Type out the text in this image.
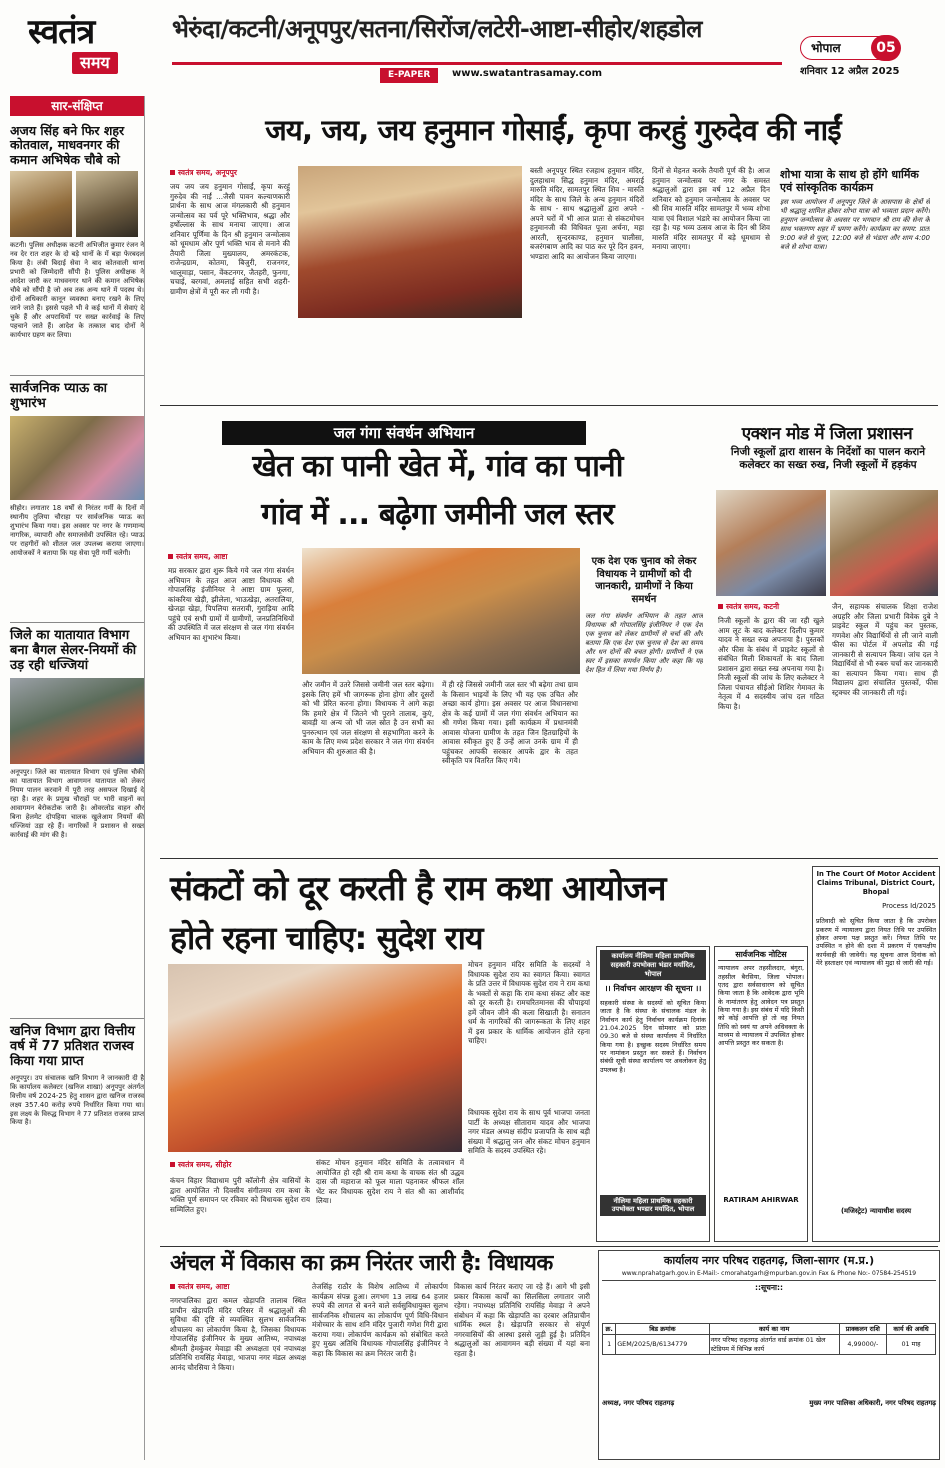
स्वतंत्र
समय
भेरुंदा/कटनी/अनूपपुर/सतना/सिरोंज/लटेरी-आष्टा-सीहोर/शहडोल
E-PAPER	www.swatantrasamay.com
भोपाल	05
शनिवार 12 अप्रैल 2025
सार-संक्षिप्त
अजय सिंह बने फिर शहर कोतवाल, माधवनगर की कमान अभिषेक चौबे को
कटनी। पुलिस अधीक्षक कटनी अभिजीत कुमार रंजन ने नव देर रात शहर के दो बड़े थानों के में बड़ा फेरबदल किया है। लंबी बिदाई सेवा ने बाद कोतवाली थाना प्रभारी को जिम्मेदारी सौंपी है। पुलिस अधीक्षक ने आदेश जारी कर माधवनगर थाने की कमान अभिषेक चौबे को सौंपी है जो अब तक अन्य थाने में पदस्थ थे। दोनों अधिकारी कानून व्यवस्था बनाए रखने के लिए जाने जाते हैं। इससे पहले भी वे कई थानों में सेवाएं दे चुके हैं और अपराधियों पर सख्त कार्रवाई के लिए पहचाने जाते हैं। आदेश के तत्काल बाद दोनों ने कार्यभार ग्रहण कर लिया।
सार्वजनिक प्याऊ का शुभारंभ
सीहोर। लगातार 18 वर्षों से निरंतर गर्मी के दिनों में स्थानीय तुलिया चौराहा पर सार्वजनिक प्याऊ का शुभारंभ किया गया। इस अवसर पर नगर के गणमान्य नागरिक, व्यापारी और समाजसेवी उपस्थित रहे। प्याऊ पर राहगीरों को शीतल जल उपलब्ध कराया जाएगा। आयोजकों ने बताया कि यह सेवा पूरी गर्मी चलेगी।
जिले का यातायात विभाग बना बैगल सेलर-नियमों की उड़ रही धज्जियां
अनूपपुर। जिले का यातायात विभाग एवं पुलिस चौकी का यातायात विभाग आवागमन यातायात को लेकर नियम पालन करवाने में पूरी तरह असफल दिखाई दे रहा है। शहर के प्रमुख चौराहों पर भारी वाहनों का आवागमन बेरोकटोक जारी है। ओवरलोड वाहन और बिना हेलमेट दोपहिया चालक खुलेआम नियमों की धज्जियां उड़ा रहे हैं। नागरिकों ने प्रशासन से सख्त कार्रवाई की मांग की है।
खनिज विभाग द्वारा वित्तीय वर्ष में 77 प्रतिशत राजस्व किया गया प्राप्त
अनूपपुर। उप संचालक खनि विभाग ने जानकारी दी है कि कार्यालय कलेक्टर (खनिज शाखा) अनूपपुर अंतर्गत वित्तीय वर्ष 2024-25 हेतु शासन द्वारा खनिज राजस्व लक्ष्य 357.40 करोड़ रुपये निर्धारित किया गया था। इस लक्ष्य के विरुद्ध विभाग ने 77 प्रतिशत राजस्व प्राप्त किया है।
जय, जय, जय हनुमान गोसाईं, कृपा करहुं गुरुदेव की नाईं
स्वतंत्र समय, अनूपपुर
जय जय जय हनुमान गोसाईं, कृपा करहुं गुरुदेव की नाईं ...जैसी पावन कल्याणकारी प्रार्थना के साथ आज मंगलकारी श्री हनुमान जन्मोत्सव का पर्व पूरे भक्तिभाव, श्रद्धा और हर्षोल्लास के साथ मनाया जाएगा। आज शनिवार पूर्णिमा के दिन श्री हनुमान जन्मोत्सव को धूमधाम और पूर्ण भक्ति भाव से मनाने की तैयारी जिला मुख्यालय, अमरकंटक, राजेन्द्रग्राम, कोतमा, बिजुरी, राजनगर, भालूमाड़ा, पसान, वेंकटनगर, जैतहरी, फुनगा, चचाई, बरगवां, अमलाई सहित सभी शहरी- ग्रामीण क्षेत्रों में पूरी कर ली गयी है।
बस्ती अनूपपुर स्थित रजहाथ हनुमान मंदिर, दुलहाधाम सिद्ध हनुमान मंदिर, अमराई मारुति मंदिर, सामतपुर स्थित शिव - मारुति मंदिर के साथ जिले के अन्य हनुमान मंदिरों के साथ - साथ श्रद्धालुओं द्वारा अपने - अपने घरों में भी आज प्रातः से संकटमोचन हनुमानजी की विधिवत पूजा अर्चना, महा आरती, सुन्दरकाण्ड, हनुमान चालीसा, बजरंगबाण आदि का पाठ कर पूरे दिन हवन, भण्डारा आदि का आयोजन किया जाएगा।
दिनों से मेहनत करके तैयारी पूर्ण की है। आज हनुमान जन्मोत्सव पर नगर के समस्त श्रद्धालुओं द्वारा इस वर्ष 12 अप्रैल दिन शनिवार को हनुमान जन्मोत्सव के अवसर पर श्री शिव मारुति मंदिर सामतपुर में भव्य शोभा यात्रा एवं विशाल भंडारे का आयोजन किया जा रहा है। यह भव्य उत्सव आज के दिन श्री शिव मारुति मंदिर सामतपुर में बड़े धूमधाम से मनाया जाएगा।
शोभा यात्रा के साथ हो होंगे धार्मिक एवं सांस्कृतिक कार्यक्रम
इस भव्य आयोजन में अनूपपुर जिले के आसपास के क्षेत्रों से भी श्रद्धालु शामिल होकर शोभा यात्रा को भव्यता प्रदान करेंगे। हनुमान जन्मोत्सव के अवसर पर भगवान श्री राम की सेना के साथ भक्तगण शहर में भ्रमण करेंगे। कार्यक्रम का समय: प्रातः 9:00 बजे से पूजा, 12:00 बजे से भंडारा और शाम 4:00 बजे से शोभा यात्रा।
जल गंगा संवर्धन अभियान
खेत का पानी खेत में, गांव का पानी
गांव में ... बढ़ेगा जमीनी जल स्तर
स्वतंत्र समय, आष्टा
मप्र सरकार द्वारा शुरू किये गये जल गंगा संवर्धन अभियान के तहत आज आष्टा विधायक श्री गोपालसिंह इंजीनियर ने आष्टा ग्राम फूलरा, कांकरिया खेड़ी, झीलेला, भाऊखेड़ा, अतरालिया, खेजड़ा खेड़ा, पिपलिया सतरावी, गुराड़िया आदि पहुंचे एवं सभी ग्रामों में ग्रामीणों, जनप्रतिनिधियों की उपस्थिति में जल संरक्षण से जल गंगा संवर्धन अभियान का शुभारंभ किया।
और जमीन में उतरे जिससे जमीनी जल स्तर बढ़ेगा। इसके लिए हमें भी जागरूक होना होगा और दूसरों को भी प्रेरित करना होगा। विधायक ने आगे कहा कि हमारे क्षेत्र में जितने भी पुराने तालाब, कुएं, बावड़ी या अन्य जो भी जल स्रोत है उन सभी का पुनरुत्थान एवं जल संरक्षण से सहभागिता करने के काम के लिए मध्य प्रदेश सरकार ने जल गंगा संवर्धन अभियान की शुरुआत की है।
में ही रहे जिससे जमीनी जल स्तर भी बढ़ेगा तथा ग्राम के किसान भाइयों के लिए भी यह एक उचित और अच्छा कार्य होगा। इस अवसर पर आज विधानसभा क्षेत्र के कई ग्रामों में जल गंगा संवर्धन अभियान का श्री गणेश किया गया। इसी कार्यक्रम में प्रधानमंत्री आवास योजना ग्रामीण के तहत जिन हितग्राहियों के आवास स्वीकृत हुए हैं उन्हें आज उनके ग्राम में ही पहुंचकर आपकी सरकार आपके द्वार के तहत स्वीकृति पत्र वितरित किए गये।
एक देश एक चुनाव को लेकर विधायक ने ग्रामीणों को दी जानकारी, ग्रामीणों ने किया समर्थन
जल गंगा संवर्धन अभियान के तहत आज विधायक श्री गोपालसिंह इंजीनियर ने एक देश एक चुनाव को लेकर ग्रामीणों से चर्चा की और बताया कि एक देश एक चुनाव से देश का समय और धन दोनों की बचत होगी। ग्रामीणों ने एक स्वर में इसका समर्थन किया और कहा कि यह देश हित में लिया गया निर्णय है।
एक्शन मोड में जिला प्रशासन
निजी स्कूलों द्वारा शासन के निर्देशों का पालन कराने कलेक्टर का सख्त रुख, निजी स्कूलों में हड़कंप
स्वतंत्र समय, कटनी
निजी स्कूलों के द्वारा की जा रही खुले आम लूट के बाद कलेक्टर दिलीप कुमार यादव ने सख्त रुख अपनाया है। पुस्तकों और फीस के संबंध में प्राइवेट स्कूलों से संबंधित मिली शिकायतों के बाद जिला प्रशासन द्वारा सख्त रुख अपनाया गया है। निजी स्कूलों की जांच के लिए कलेक्टर ने जिला पंचायत सीईओ शिशिर गेमावत के नेतृत्व में 4 सदस्यीय जांच दल गठित किया है।
जैन, सहायक संचालक शिक्षा राजेश अग्रहरि और जिला प्रभारी विवेक दुबे ने प्राइवेट स्कूल में पहुंच कर पुस्तक, गणवेश और विद्यार्थियों से ली जाने वाली फीस का पोर्टल में अपलोड की गई जानकारी से सत्यापन किया। जांच दल ने विद्यार्थियों से भी रुबरु चर्चा कर जानकारी का सत्यापन किया गया। साथ ही विद्यालय द्वारा संचालित पुस्तकों, फीस स्ट्रक्चर की जानकारी ली गई।
संकटों को दूर करती है राम कथा आयोजन
होते रहना चाहिए: सुदेश राय
स्वतंत्र समय, सीहोर
कंचन विहार विद्याधाम पुरी कॉलोनी क्षेत्र वासियों के द्वारा आयोजित नौ दिवसीय संगीतमय राम कथा के भक्ति पूर्ण समापन पर रविवार को विधायक सुदेश राय सम्मिलित हुए।
संकट मोचन हनुमान मंदिर समिति के तत्वावधान में आयोजित हो रही श्री राम कथा के वाचक संत श्री उद्धव दास जी महाराज को फूल माला पहनाकर श्रीफल शॉल भेंट कर विधायक सुदेश राय ने संत श्री का आशीर्वाद लिया।
मोचन हनुमान मंदिर समिति के सदस्यों ने विधायक सुदेश राय का स्वागत किया। स्वागत के प्रति उत्तर में विधायक सुदेश राय ने राम कथा के भक्तों से कहा कि राम कथा संकट और कष्ट को दूर करती है। रामचरितमानस की चौपाइयां हमें जीवन जीने की कला सिखाती है। सनातन धर्म के नागरिकों की जागरूकता के लिए शहर में इस प्रकार के धार्मिक आयोजन होते रहना चाहिए।
विधायक सुदेश राय के साथ पूर्व भाजपा जनता पार्टी के अध्यक्ष सीताराम यादव और भाजपा नगर मंडल अध्यक्ष संदीप प्रजापति के साथ बड़ी संख्या में श्रद्धालु जन और संकट मोचन हनुमान समिति के सदस्य उपस्थित रहे।
कार्यालय नीलिमा महिला प्राथमिक सहकारी उपभोक्ता भंडार मर्यादित, भोपाल
।। निर्वाचन आरक्षण की सूचना ।।
सहकारी संस्था के सदस्यों को सूचित किया जाता है कि संस्था के संचालक मंडल के निर्वाचन कार्य हेतु निर्वाचन कार्यक्रम दिनांक 21.04.2025 दिन सोमवार को प्रातः 09.30 बजे से संस्था कार्यालय में निर्धारित किया गया है। इच्छुक सदस्य निर्धारित समय पर नामांकन प्रस्तुत कर सकते हैं। निर्वाचन संबंधी सूची संस्था कार्यालय पर अवलोकन हेतु उपलब्ध है।
नीलिमा महिला प्राथमिक सहकारी उपभोक्ता भण्डार मर्यादित, भोपाल
सार्वजनिक नोटिस
न्यायालय अपर तहसीलदार, बंगुरा, तहसील बैरसिया, जिला भोपाल। एतद द्वारा सर्वसाधारण को सूचित किया जाता है कि आवेदक द्वारा भूमि के नामांतरण हेतु आवेदन पत्र प्रस्तुत किया गया है। इस संबंध में यदि किसी को कोई आपत्ति हो तो वह नियत तिथि को स्वयं या अपने अधिवक्ता के माध्यम से न्यायालय में उपस्थित होकर आपत्ति प्रस्तुत कर सकता है।
RATIRAM AHIRWAR
In The Court Of Motor Accident Claims Tribunal, District Court, Bhopal
Process Id/2025
प्रतिवादी को सूचित किया जाता है कि उपरोक्त प्रकरण में न्यायालय द्वारा नियत तिथि पर उपस्थित होकर अपना पक्ष प्रस्तुत करें। नियत तिथि पर उपस्थित न होने की दशा में प्रकरण में एकपक्षीय कार्यवाही की जावेगी। यह सूचना आज दिनांक को मेरे हस्ताक्षर एवं न्यायालय की मुद्रा से जारी की गई।
(मजिस्ट्रेट) न्यायाधीश सदस्य
अंचल में विकास का क्रम निरंतर जारी है: विधायक
स्वतंत्र समय, आष्टा
नगरपालिका द्वारा कमल खेड़ापति तालाब स्थित प्राचीन खेड़ापति मंदिर परिसर में श्रद्धालुओं की सुविधा की दृष्टि से व्यवस्थित सुलभ सार्वजनिक शौचालय का लोकार्पण किया है, जिसका विधायक गोपालसिंह इंजीनियर के मुख्य आतिथ्य, नपाध्यक्ष श्रीमती हेमकुंवर मेवाड़ा की अध्यक्षता एवं नपाध्यक्ष प्रतिनिधि रायसिंह मेवाड़ा, भाजपा नगर मंडल अध्यक्ष आनंद चौरसिया ने किया।
तेजसिंह राठौर के विशेष आतिथ्य में लोकार्पण कार्यक्रम संपन्न हुआ। लगभग 13 लाख 64 हजार रुपये की लागत से बनने वाले सर्वसुविधायुक्त सुलभ सार्वजनिक शौचालय का लोकार्पण पूर्ण विधि-विधान मंत्रोच्चार के साथ शनि मंदिर पुजारी गणेश गिरी द्वारा कराया गया। लोकार्पण कार्यक्रम को संबोधित करते हुए मुख्य अतिथि विधायक गोपालसिंह इंजीनियर ने कहा कि विकास का क्रम निरंतर जारी है।
विकास कार्य निरंतर कराए जा रहे हैं। आगे भी इसी प्रकार विकास कार्यों का सिलसिला लगातार जारी रहेगा। नपाध्यक्ष प्रतिनिधि रायसिंह मेवाड़ा ने अपने संबोधन में कहा कि खेड़ापति का दरबार अतिप्राचीन धार्मिक स्थल है। खेड़ापति सरकार से संपूर्ण नगरवासियों की आस्था इससे जुड़ी हुई है। प्रतिदिन श्रद्धालुओं का आवागमन बड़ी संख्या में यहां बना रहता है।
कार्यालय नगर परिषद राहतगढ़, जिला-सागर (म.प्र.)
www.nprahatgarh.gov.in E-Mail:- cmorahatgarh@mpurban.gov.in Fax & Phone No:- 07584-254519
::सूचना::
क्र.	बिड क्रमांक	कार्य का नाम	प्राक्कलन राशि	कार्य की अवधि
1	GEM/2025/B/6134779	नगर परिषद राहतगढ़ अंतर्गत वार्ड क्रमांक 01 खेल स्टेडियम में विभिन्न कार्य	4,99000/-	01 माह
अध्यक्ष, नगर परिषद राहतगढ़	मुख्य नगर पालिका अधिकारी, नगर परिषद राहतगढ़
